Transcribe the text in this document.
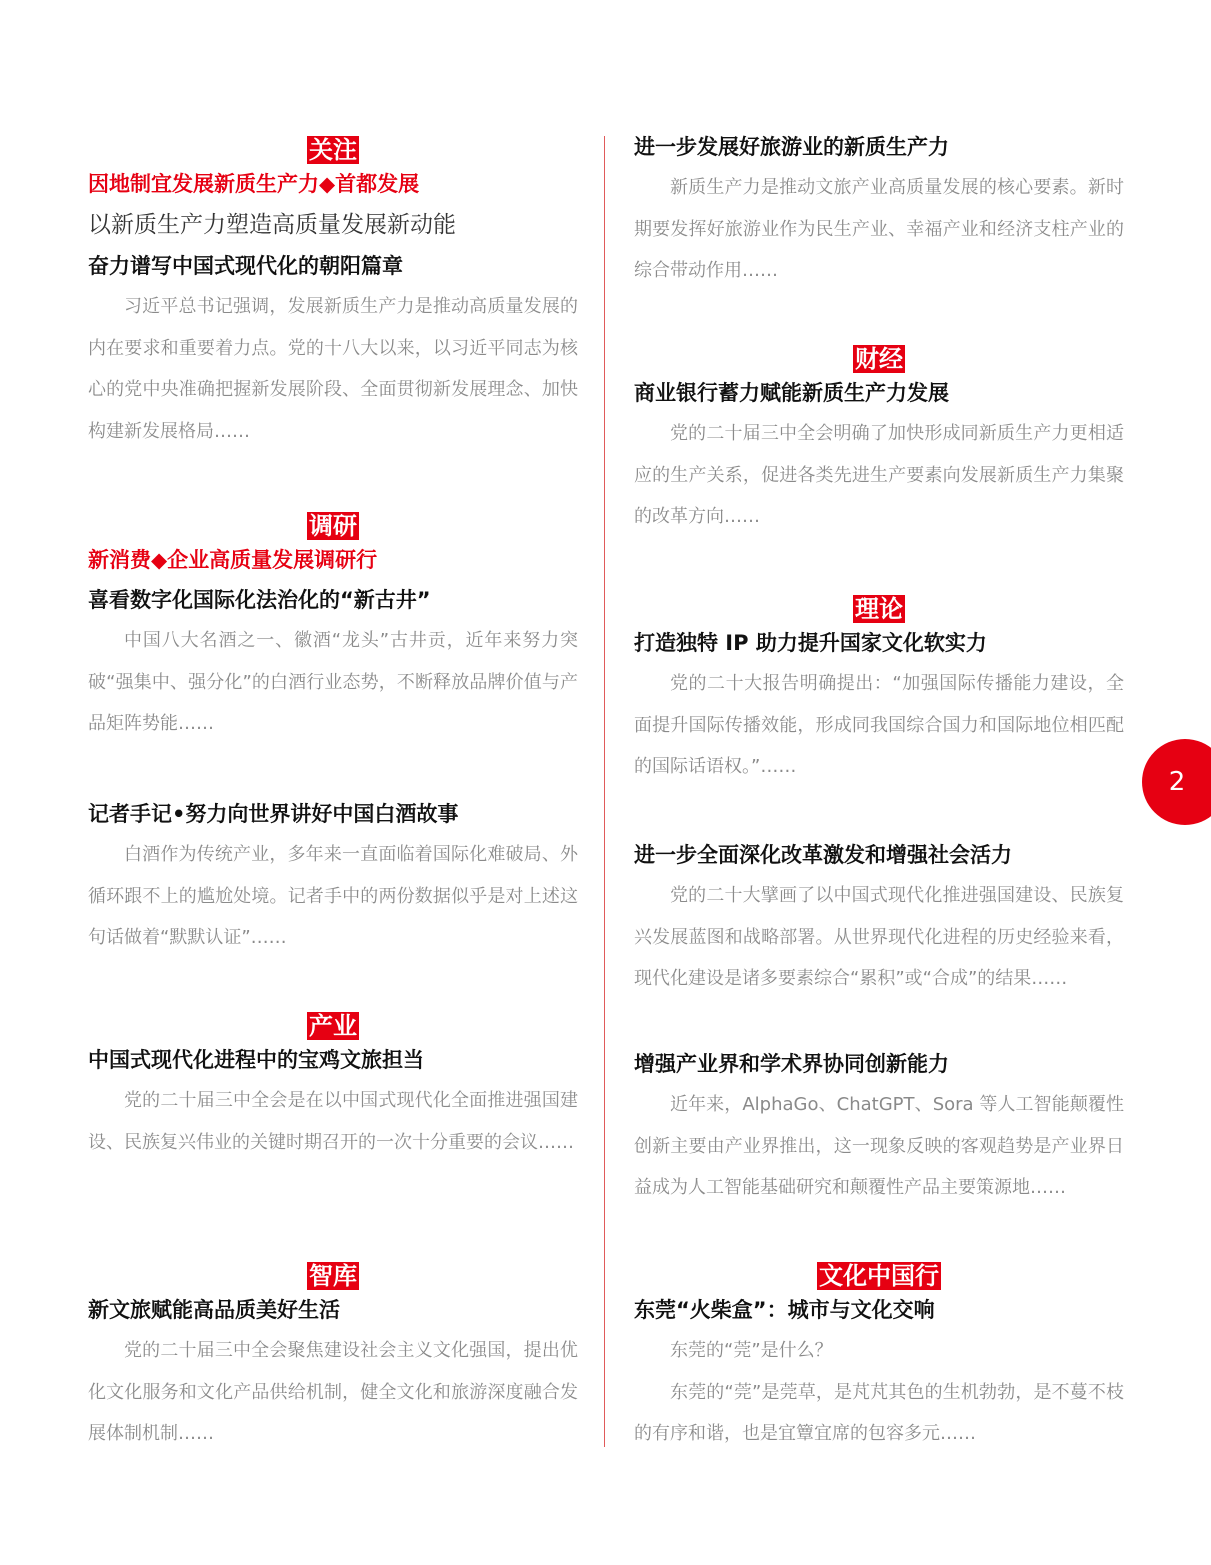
关注
因地制宜发展新质生产力◆首都发展
以新质生产力塑造高质量发展新动能
奋力谱写中国式现代化的朝阳篇章

习近平总书记强调，发展新质生产力是推动高质量发展的内在要求和重要着力点。党的十八大以来，以习近平同志为核心的党中央准确把握新发展阶段、全面贯彻新发展理念、加快构建新发展格局……

调研
新消费◆企业高质量发展调研行
喜看数字化国际化法治化的“新古井”

中国八大名酒之一、徽酒“龙头”古井贡，近年来努力突破“强集中、强分化”的白酒行业态势，不断释放品牌价值与产品矩阵势能……

记者手记•努力向世界讲好中国白酒故事

白酒作为传统产业，多年来一直面临着国际化难破局、外循环跟不上的尴尬处境。记者手中的两份数据似乎是对上述这句话做着“默默认证”……

产业
中国式现代化进程中的宝鸡文旅担当

党的二十届三中全会是在以中国式现代化全面推进强国建设、民族复兴伟业的关键时期召开的一次十分重要的会议……

智库
新文旅赋能高品质美好生活

党的二十届三中全会聚焦建设社会主义文化强国，提出优化文化服务和文化产品供给机制，健全文化和旅游深度融合发展体制机制……

进一步发展好旅游业的新质生产力

新质生产力是推动文旅产业高质量发展的核心要素。新时期要发挥好旅游业作为民生产业、幸福产业和经济支柱产业的综合带动作用……

财经
商业银行蓄力赋能新质生产力发展

党的二十届三中全会明确了加快形成同新质生产力更相适应的生产关系，促进各类先进生产要素向发展新质生产力集聚的改革方向……

理论
打造独特 IP 助力提升国家文化软实力

党的二十大报告明确提出：“加强国际传播能力建设，全面提升国际传播效能，形成同我国综合国力和国际地位相匹配的国际话语权。”……

进一步全面深化改革激发和增强社会活力

党的二十大擘画了以中国式现代化推进强国建设、民族复兴发展蓝图和战略部署。从世界现代化进程的历史经验来看，现代化建设是诸多要素综合“累积”或“合成”的结果……

增强产业界和学术界协同创新能力

近年来，AlphaGo、ChatGPT、Sora 等人工智能颠覆性创新主要由产业界推出，这一现象反映的客观趋势是产业界日益成为人工智能基础研究和颠覆性产品主要策源地……

文化中国行
东莞“火柴盒”：城市与文化交响

东莞的“莞”是什么？

东莞的“莞”是莞草，是芃芃其色的生机勃勃，是不蔓不枝的有序和谐，也是宜簟宜席的包容多元……

2
